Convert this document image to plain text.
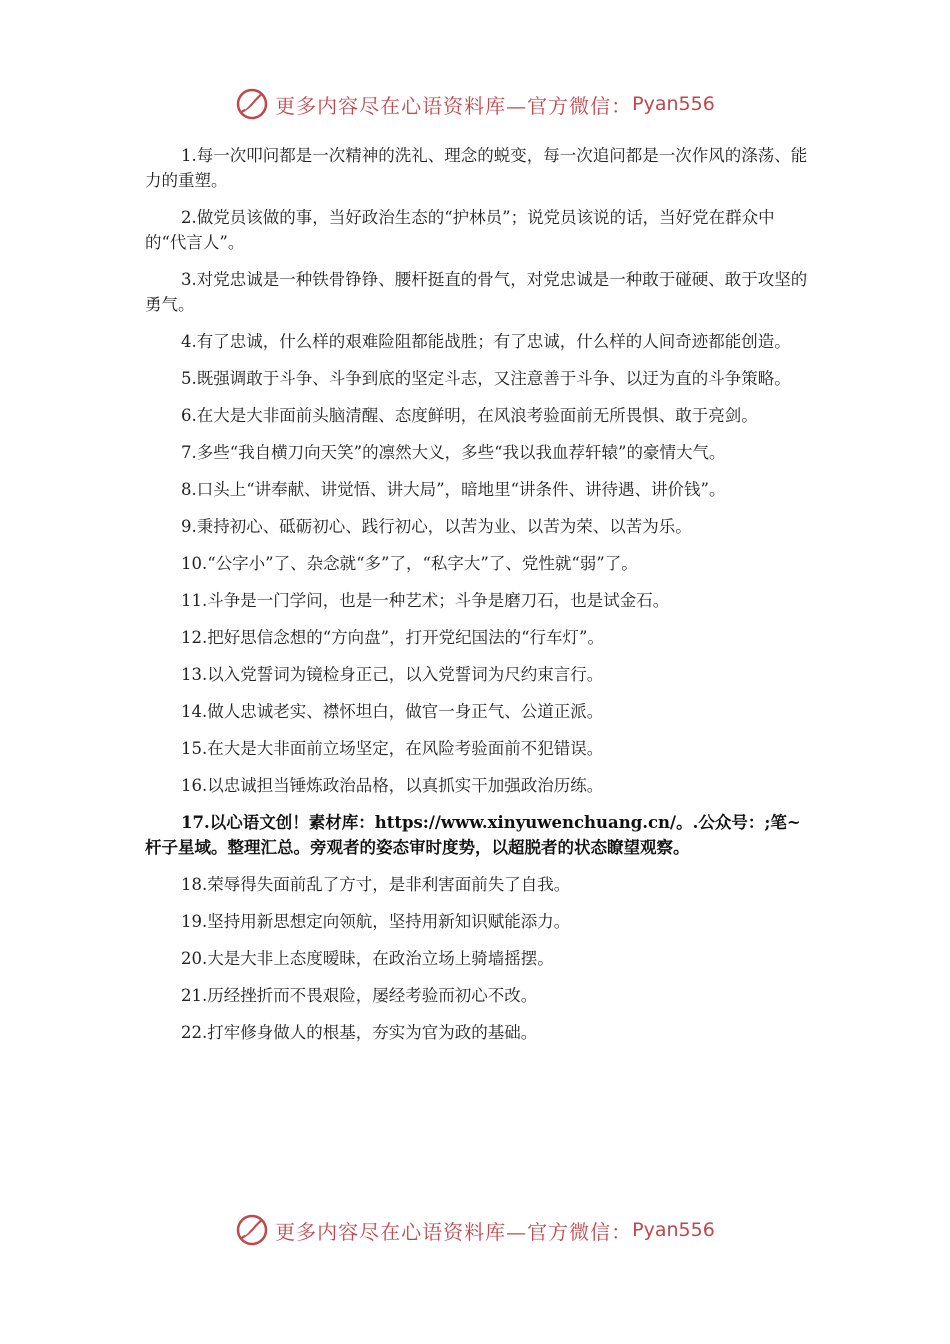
更多内容尽在心语资料库—官方微信： Pyan556

1.每一次叩问都是一次精神的洗礼、理念的蜕变，每一次追问都是一次作风的涤荡、能力的重塑。

2.做党员该做的事，当好政治生态的“护林员”；说党员该说的话，当好党在群众中的“代言人”。

3.对党忠诚是一种铁骨铮铮、腰杆挺直的骨气，对党忠诚是一种敢于碰硬、敢于攻坚的勇气。

4.有了忠诚，什么样的艰难险阻都能战胜；有了忠诚，什么样的人间奇迹都能创造。

5.既强调敢于斗争、斗争到底的坚定斗志，又注意善于斗争、以迂为直的斗争策略。

6.在大是大非面前头脑清醒、态度鲜明，在风浪考验面前无所畏惧、敢于亮剑。

7.多些“我自横刀向天笑”的凛然大义，多些“我以我血荐轩辕”的豪情大气。

8.口头上“讲奉献、讲觉悟、讲大局”，暗地里“讲条件、讲待遇、讲价钱”。

9.秉持初心、砥砺初心、践行初心，以苦为业、以苦为荣、以苦为乐。

10.“公字小”了、杂念就“多”了，“私字大”了、党性就“弱”了。

11.斗争是一门学问，也是一种艺术；斗争是磨刀石，也是试金石。

12.把好思信念想的“方向盘”，打开党纪国法的“行车灯”。

13.以入党誓词为镜检身正己，以入党誓词为尺约束言行。

14.做人忠诚老实、襟怀坦白，做官一身正气、公道正派。

15.在大是大非面前立场坚定，在风险考验面前不犯错误。

16.以忠诚担当锤炼政治品格，以真抓实干加强政治历练。

17.以心语文创！素材库：https://www.xinyuwenchuang.cn/。.公众号：;笔~杆子星域。整理汇总。旁观者的姿态审时度势，以超脱者的状态瞭望观察。

18.荣辱得失面前乱了方寸，是非利害面前失了自我。

19.坚持用新思想定向领航，坚持用新知识赋能添力。

20.大是大非上态度暧昧，在政治立场上骑墙摇摆。

21.历经挫折而不畏艰险，屡经考验而初心不改。

22.打牢修身做人的根基，夯实为官为政的基础。

更多内容尽在心语资料库—官方微信： Pyan556
